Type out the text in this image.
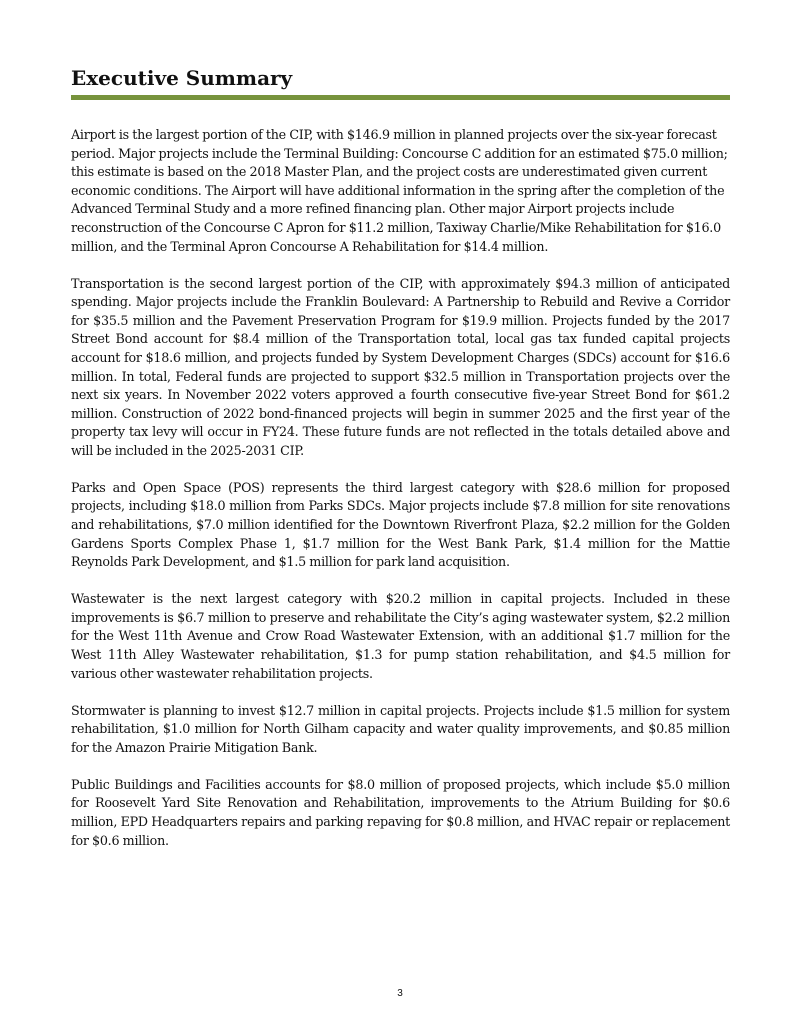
Executive Summary

Airport is the largest portion of the CIP, with $146.9 million in planned projects over the six-year forecast period. Major projects include the Terminal Building: Concourse C addition for an estimated $75.0 million; this estimate is based on the 2018 Master Plan, and the project costs are underestimated given current economic conditions. The Airport will have additional information in the spring after the completion of the Advanced Terminal Study and a more refined financing plan. Other major Airport projects include reconstruction of the Concourse C Apron for $11.2 million, Taxiway Charlie/Mike Rehabilitation for $16.0 million, and the Terminal Apron Concourse A Rehabilitation for $14.4 million.

Transportation is the second largest portion of the CIP, with approximately $94.3 million of anticipated spending. Major projects include the Franklin Boulevard: A Partnership to Rebuild and Revive a Corridor for $35.5 million and the Pavement Preservation Program for $19.9 million. Projects funded by the 2017 Street Bond account for $8.4 million of the Transportation total, local gas tax funded capital projects account for $18.6 million, and projects funded by System Development Charges (SDCs) account for $16.6 million. In total, Federal funds are projected to support $32.5 million in Transportation projects over the next six years. In November 2022 voters approved a fourth consecutive five-year Street Bond for $61.2 million. Construction of 2022 bond-financed projects will begin in summer 2025 and the first year of the property tax levy will occur in FY24. These future funds are not reflected in the totals detailed above and will be included in the 2025-2031 CIP.

Parks and Open Space (POS) represents the third largest category with $28.6 million for proposed projects, including $18.0 million from Parks SDCs. Major projects include $7.8 million for site renovations and rehabilitations, $7.0 million identified for the Downtown Riverfront Plaza, $2.2 million for the Golden Gardens Sports Complex Phase 1, $1.7 million for the West Bank Park, $1.4 million for the Mattie Reynolds Park Development, and $1.5 million for park land acquisition.

Wastewater is the next largest category with $20.2 million in capital projects. Included in these improvements is $6.7 million to preserve and rehabilitate the City’s aging wastewater system, $2.2 million for the West 11th Avenue and Crow Road Wastewater Extension, with an additional $1.7 million for the West 11th Alley Wastewater rehabilitation, $1.3 for pump station rehabilitation, and $4.5 million for various other wastewater rehabilitation projects.

Stormwater is planning to invest $12.7 million in capital projects. Projects include $1.5 million for system rehabilitation, $1.0 million for North Gilham capacity and water quality improvements, and $0.85 million for the Amazon Prairie Mitigation Bank.

Public Buildings and Facilities accounts for $8.0 million of proposed projects, which include $5.0 million for Roosevelt Yard Site Renovation and Rehabilitation, improvements to the Atrium Building for $0.6 million, EPD Headquarters repairs and parking repaving for $0.8 million, and HVAC repair or replacement for $0.6 million.

3
